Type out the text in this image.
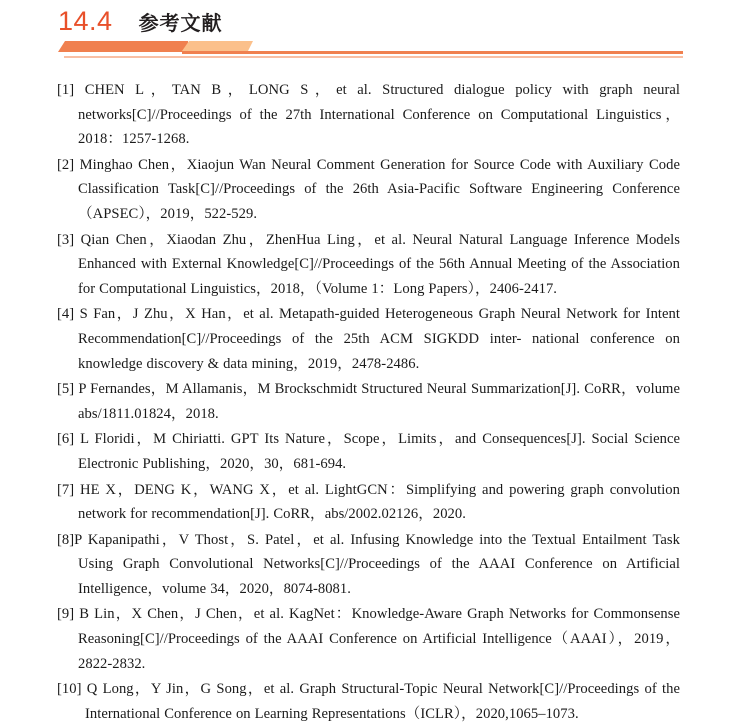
14.4 参考文献

[1] CHEN L，TAN B，LONG S，et al. Structured dialogue policy with graph neural networks[C]//Proceedings of the 27th International Conference on Computational Linguistics，2018：1257-1268.

[2] Minghao Chen，Xiaojun Wan Neural Comment Generation for Source Code with Auxiliary Code Classification Task[C]//Proceedings of the 26th Asia-Pacific Software Engineering Conference（APSEC），2019，522-529.

[3] Qian Chen，Xiaodan Zhu，ZhenHua Ling，et al. Neural Natural Language Inference Models Enhanced with External Knowledge[C]//Proceedings of the 56th Annual Meeting of the Association for Computational Linguistics，2018，（Volume 1：Long Papers），2406-2417.

[4] S Fan，J Zhu，X Han，et al. Metapath-guided Heterogeneous Graph Neural Network for Intent Recommendation[C]//Proceedings of the 25th ACM SIGKDD inter- national conference on knowledge discovery & data mining，2019，2478-2486.

[5] P Fernandes，M Allamanis，M Brockschmidt Structured Neural Summarization[J]. CoRR，volume abs/1811.01824，2018.

[6] L Floridi，M Chiriatti. GPT Its Nature，Scope，Limits，and Consequences[J]. Social Science Electronic Publishing，2020，30，681-694.

[7] HE X，DENG K，WANG X，et al. LightGCN：Simplifying and powering graph convolution network for recommendation[J]. CoRR，abs/2002.02126，2020.

[8]P Kapanipathi，V Thost，S. Patel，et al. Infusing Knowledge into the Textual Entailment Task Using Graph Convolutional Networks[C]//Proceedings of the AAAI Conference on Artificial Intelligence，volume 34，2020，8074-8081.

[9] B Lin，X Chen，J Chen，et al. KagNet：Knowledge-Aware Graph Networks for Commonsense Reasoning[C]//Proceedings of the AAAI Conference on Artificial Intelligence（AAAI），2019，2822-2832.

[10] Q Long，Y Jin，G Song，et al. Graph Structural-Topic Neural Network[C]//Proceedings of the International Conference on Learning Representations（ICLR），2020,1065–1073.
